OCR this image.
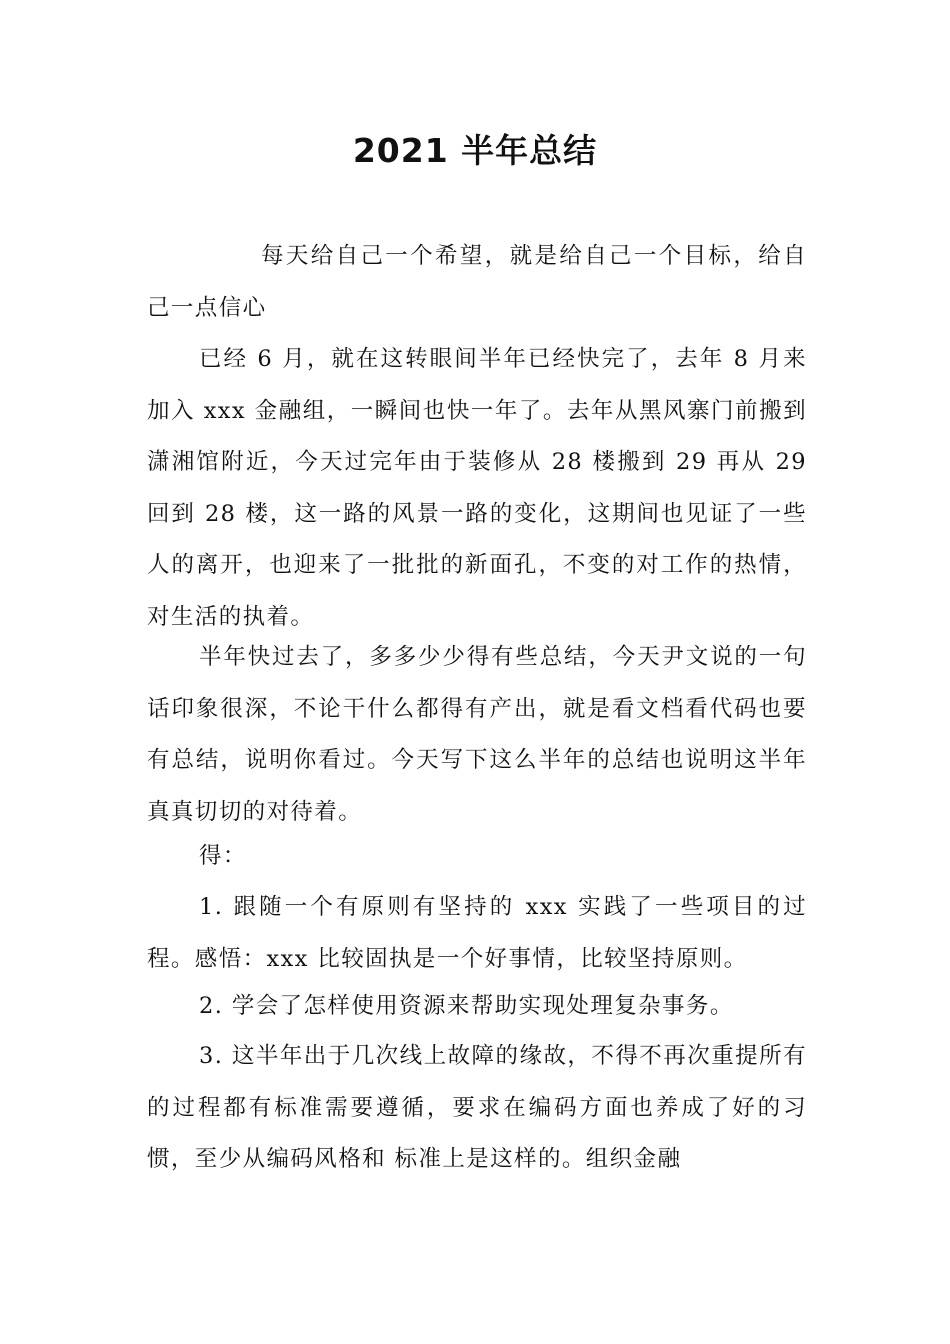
2021 半年总结

每天给自己一个希望，就是给自己一个目标，给自己一点信心

已经 6 月，就在这转眼间半年已经快完了，去年 8 月来加入 xxx 金融组，一瞬间也快一年了。去年从黑风寨门前搬到潇湘馆附近，今天过完年由于装修从 28 楼搬到 29 再从 29 回到 28 楼，这一路的风景一路的变化，这期间也见证了一些人的离开，也迎来了一批批的新面孔，不变的对工作的热情，对生活的执着。

半年快过去了，多多少少得有些总结，今天尹文说的一句话印象很深，不论干什么都得有产出，就是看文档看代码也要有总结，说明你看过。今天写下这么半年的总结也说明这半年真真切切的对待着。

得：

1. 跟随一个有原则有坚持的 xxx 实践了一些项目的过程。感悟：xxx 比较固执是一个好事情，比较坚持原则。

2. 学会了怎样使用资源来帮助实现处理复杂事务。

3. 这半年出于几次线上故障的缘故，不得不再次重提所有的过程都有标准需要遵循，要求在编码方面也养成了好的习惯，至少从编码风格和 标准上是这样的。组织金融
